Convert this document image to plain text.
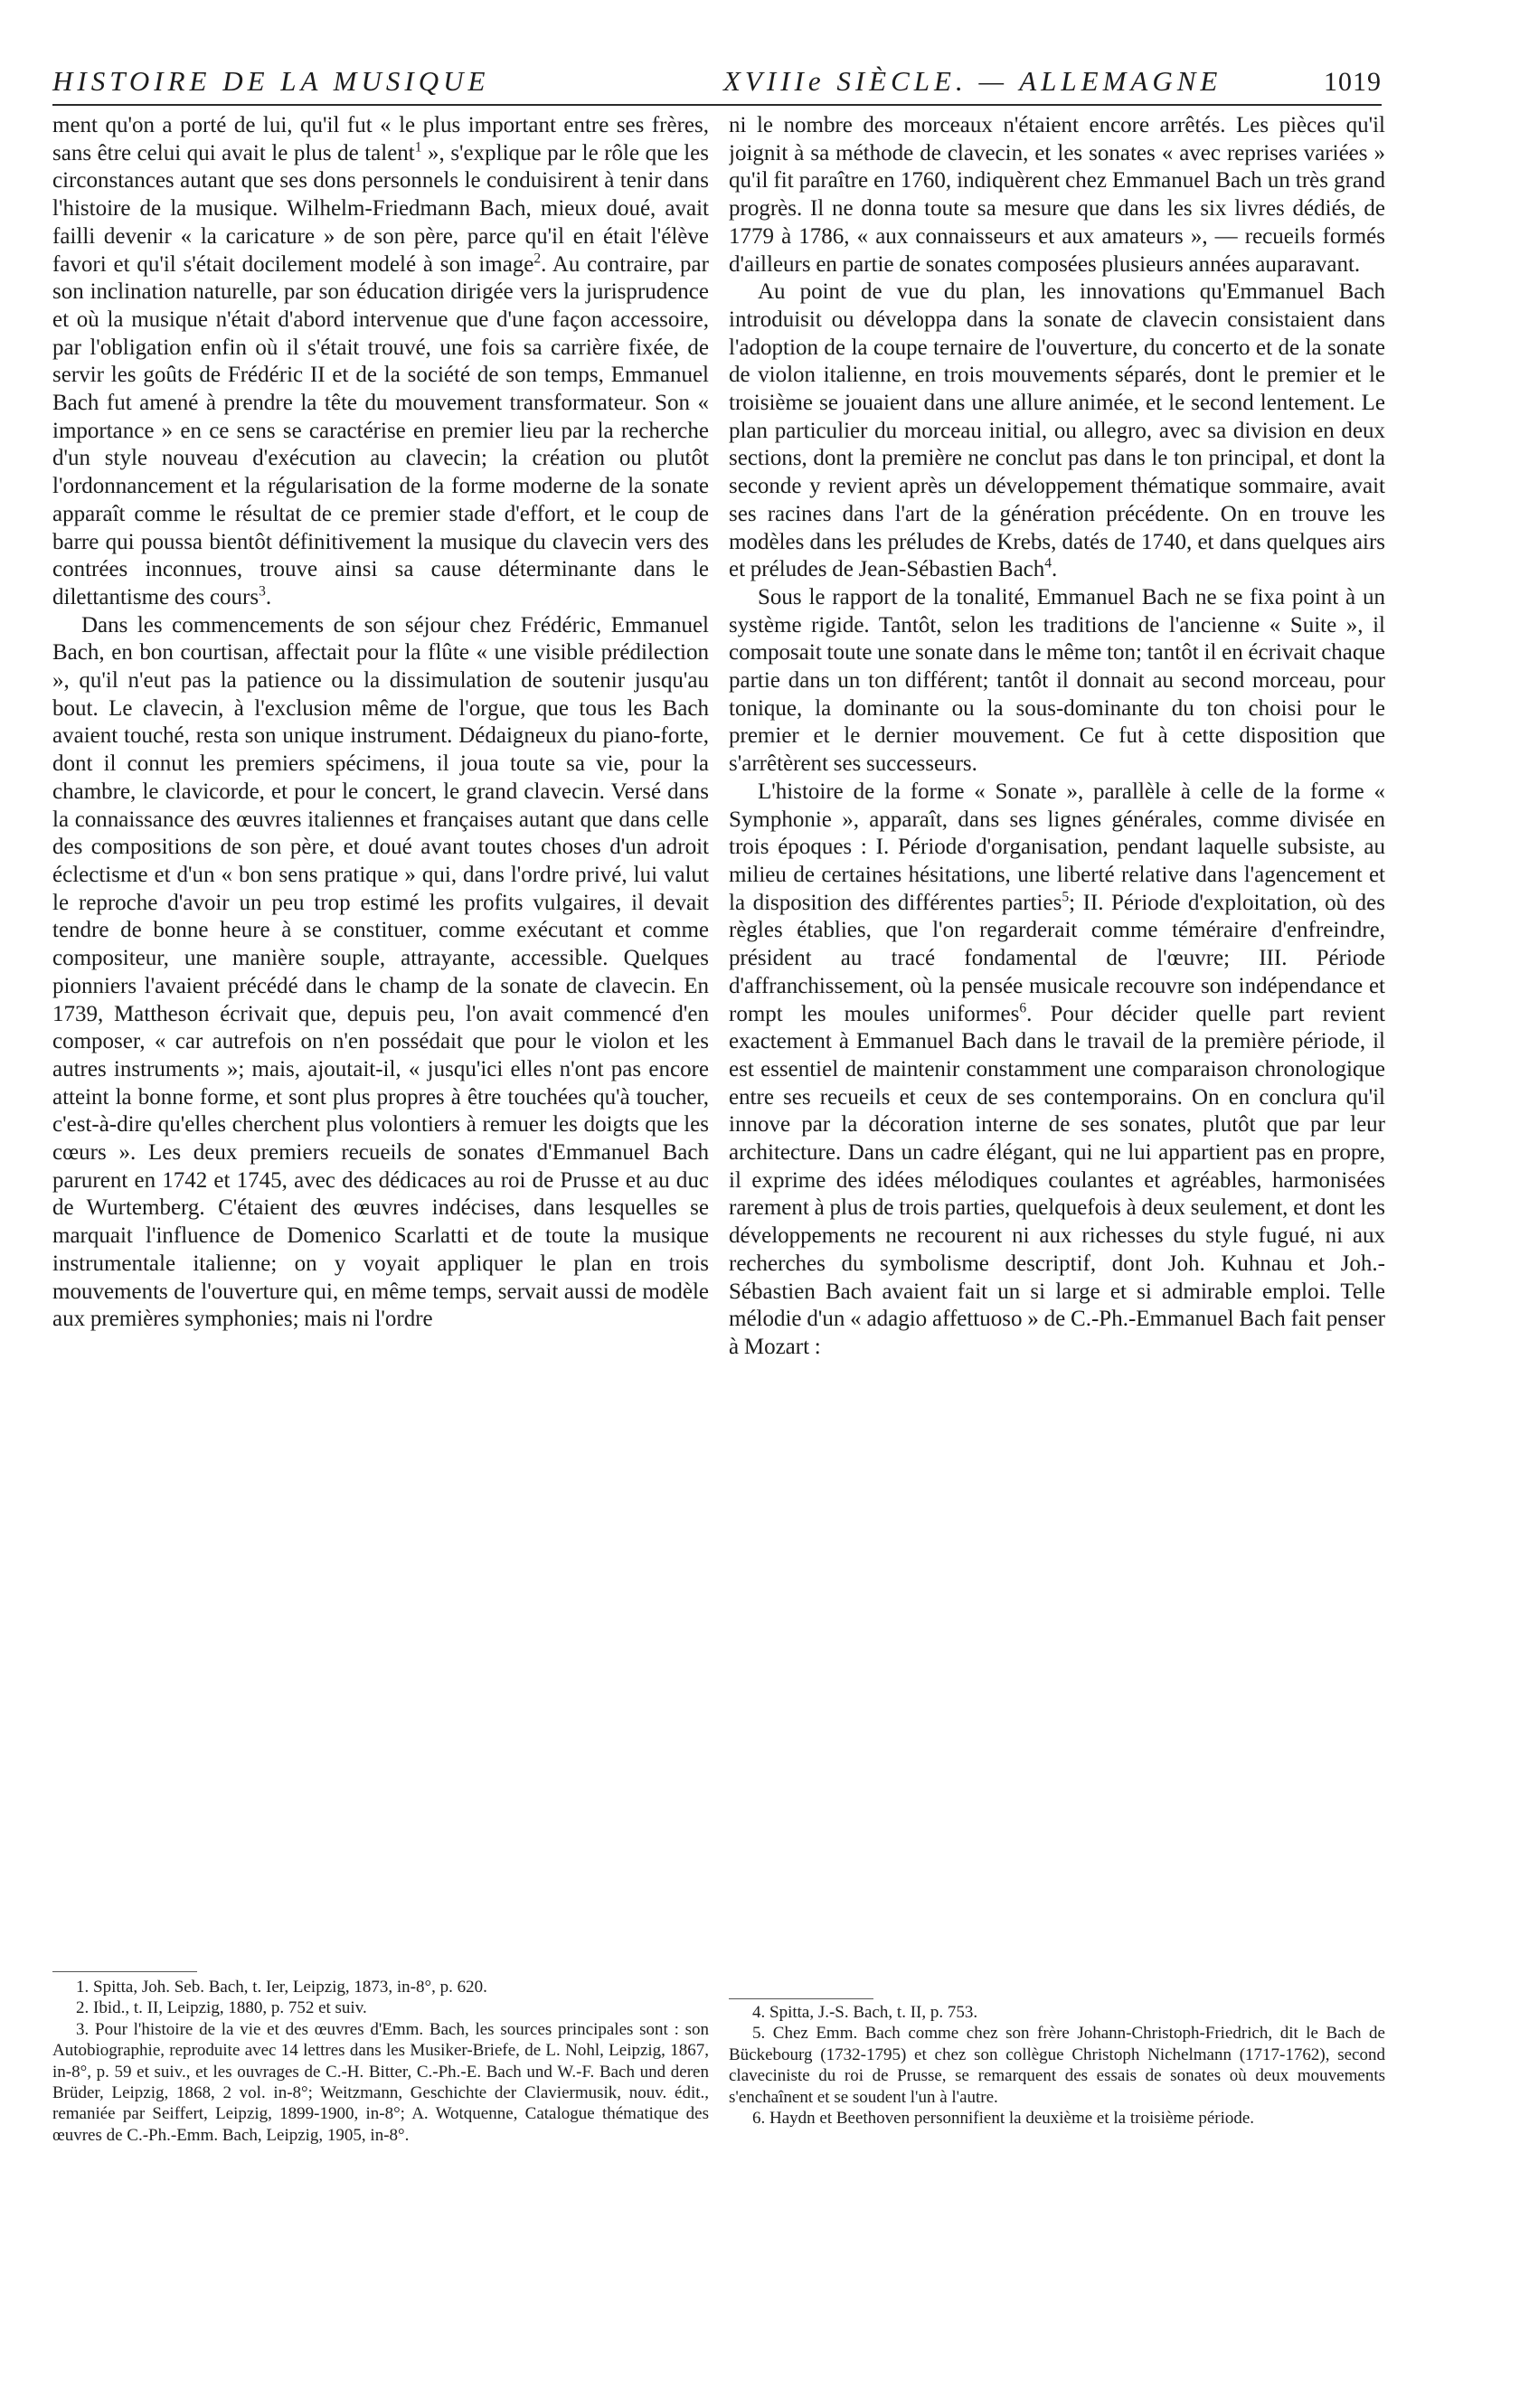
HISTOIRE DE LA MUSIQUE	XVIIIe SIÈCLE. — ALLEMAGNE	1019

ment qu'on a porté de lui, qu'il fut « le plus important entre ses frères, sans être celui qui avait le plus de talent$^1$ », s'explique par le rôle que les circonstances autant que ses dons personnels le conduisirent à tenir dans l'histoire de la musique. Wilhelm-Friedmann Bach, mieux doué, avait failli devenir « la caricature » de son père, parce qu'il en était l'élève favori et qu'il s'était docilement modelé à son image$^2$. Au contraire, par son inclination naturelle, par son éducation dirigée vers la jurisprudence et où la musique n'était d'abord intervenue que d'une façon accessoire, par l'obligation enfin où il s'était trouvé, une fois sa carrière fixée, de servir les goûts de Frédéric II et de la société de son temps, Emmanuel Bach fut amené à prendre la tête du mouvement transformateur. Son « importance » en ce sens se caractérise en premier lieu par la recherche d'un style nouveau d'exécution au clavecin; la création ou plutôt l'ordonnancement et la régularisation de la forme moderne de la sonate apparaît comme le résultat de ce premier stade d'effort, et le coup de barre qui poussa bientôt définitivement la musique du clavecin vers des contrées inconnues, trouve ainsi sa cause déterminante dans le dilettantisme des cours$^3$.

Dans les commencements de son séjour chez Frédéric, Emmanuel Bach, en bon courtisan, affectait pour la flûte « une visible prédilection », qu'il n'eut pas la patience ou la dissimulation de soutenir jusqu'au bout. Le clavecin, à l'exclusion même de l'orgue, que tous les Bach avaient touché, resta son unique instrument. Dédaigneux du piano-forte, dont il connut les premiers spécimens, il joua toute sa vie, pour la chambre, le clavicorde, et pour le concert, le grand clavecin. Versé dans la connaissance des œuvres italiennes et françaises autant que dans celle des compositions de son père, et doué avant toutes choses d'un adroit éclectisme et d'un « bon sens pratique » qui, dans l'ordre privé, lui valut le reproche d'avoir un peu trop estimé les profits vulgaires, il devait tendre de bonne heure à se constituer, comme exécutant et comme compositeur, une manière souple, attrayante, accessible. Quelques pionniers l'avaient précédé dans le champ de la sonate de clavecin. En 1739, Mattheson écrivait que, depuis peu, l'on avait commencé d'en composer, « car autrefois on n'en possédait que pour le violon et les autres instruments »; mais, ajoutait-il, « jusqu'ici elles n'ont pas encore atteint la bonne forme, et sont plus propres à être touchées qu'à toucher, c'est-à-dire qu'elles cherchent plus volontiers à remuer les doigts que les cœurs ». Les deux premiers recueils de sonates d'Emmanuel Bach parurent en 1742 et 1745, avec des dédicaces au roi de Prusse et au duc de Wurtemberg. C'étaient des œuvres indécises, dans lesquelles se marquait l'influence de Domenico Scarlatti et de toute la musique instrumentale italienne; on y voyait appliquer le plan en trois mouvements de l'ouverture qui, en même temps, servait aussi de modèle aux premières symphonies; mais ni l'ordre

ni le nombre des morceaux n'étaient encore arrêtés. Les pièces qu'il joignit à sa méthode de clavecin, et les sonates « avec reprises variées » qu'il fit paraître en 1760, indiquèrent chez Emmanuel Bach un très grand progrès. Il ne donna toute sa mesure que dans les six livres dédiés, de 1779 à 1786, « aux connaisseurs et aux amateurs », — recueils formés d'ailleurs en partie de sonates composées plusieurs années auparavant.

Au point de vue du plan, les innovations qu'Emmanuel Bach introduisit ou développa dans la sonate de clavecin consistaient dans l'adoption de la coupe ternaire de l'ouverture, du concerto et de la sonate de violon italienne, en trois mouvements séparés, dont le premier et le troisième se jouaient dans une allure animée, et le second lentement. Le plan particulier du morceau initial, ou allegro, avec sa division en deux sections, dont la première ne conclut pas dans le ton principal, et dont la seconde y revient après un développement thématique sommaire, avait ses racines dans l'art de la génération précédente. On en trouve les modèles dans les préludes de Krebs, datés de 1740, et dans quelques airs et préludes de Jean-Sébastien Bach$^4$.

Sous le rapport de la tonalité, Emmanuel Bach ne se fixa point à un système rigide. Tantôt, selon les traditions de l'ancienne « Suite », il composait toute une sonate dans le même ton; tantôt il en écrivait chaque partie dans un ton différent; tantôt il donnait au second morceau, pour tonique, la dominante ou la sous-dominante du ton choisi pour le premier et le dernier mouvement. Ce fut à cette disposition que s'arrêtèrent ses successeurs.

L'histoire de la forme « Sonate », parallèle à celle de la forme « Symphonie », apparaît, dans ses lignes générales, comme divisée en trois époques : I. Période d'organisation, pendant laquelle subsiste, au milieu de certaines hésitations, une liberté relative dans l'agencement et la disposition des différentes parties$^5$; II. Période d'exploitation, où des règles établies, que l'on regarderait comme téméraire d'enfreindre, président au tracé fondamental de l'œuvre; III. Période d'affranchissement, où la pensée musicale recouvre son indépendance et rompt les moules uniformes$^6$. Pour décider quelle part revient exactement à Emmanuel Bach dans le travail de la première période, il est essentiel de maintenir constamment une comparaison chronologique entre ses recueils et ceux de ses contemporains. On en conclura qu'il innove par la décoration interne de ses sonates, plutôt que par leur architecture. Dans un cadre élégant, qui ne lui appartient pas en propre, il exprime des idées mélodiques coulantes et agréables, harmonisées rarement à plus de trois parties, quelquefois à deux seulement, et dont les développements ne recourent ni aux richesses du style fugué, ni aux recherches du symbolisme descriptif, dont Joh. Kuhnau et Joh.-Sébastien Bach avaient fait un si large et si admirable emploi. Telle mélodie d'un « adagio affettuoso » de C.-Ph.-Emmanuel Bach fait penser à Mozart :

1. Spitta, Joh. Seb. Bach, t. Ier, Leipzig, 1873, in-8°, p. 620.

2. Ibid., t. II, Leipzig, 1880, p. 752 et suiv.

3. Pour l'histoire de la vie et des œuvres d'Emm. Bach, les sources principales sont : son Autobiographie, reproduite avec 14 lettres dans les Musiker-Briefe, de L. Nohl, Leipzig, 1867, in-8°, p. 59 et suiv., et les ouvrages de C.-H. Bitter, C.-Ph.-E. Bach und W.-F. Bach und deren Brüder, Leipzig, 1868, 2 vol. in-8°; Weitzmann, Geschichte der Claviermusik, nouv. édit., remaniée par Seiffert, Leipzig, 1899-1900, in-8°; A. Wotquenne, Catalogue thématique des œuvres de C.-Ph.-Emm. Bach, Leipzig, 1905, in-8°.

4. Spitta, J.-S. Bach, t. II, p. 753.

5. Chez Emm. Bach comme chez son frère Johann-Christoph-Friedrich, dit le Bach de Bückebourg (1732-1795) et chez son collègue Christoph Nichelmann (1717-1762), second claveciniste du roi de Prusse, se remarquent des essais de sonates où deux mouvements s'enchaînent et se soudent l'un à l'autre.

6. Haydn et Beethoven personnifient la deuxième et la troisième période.
